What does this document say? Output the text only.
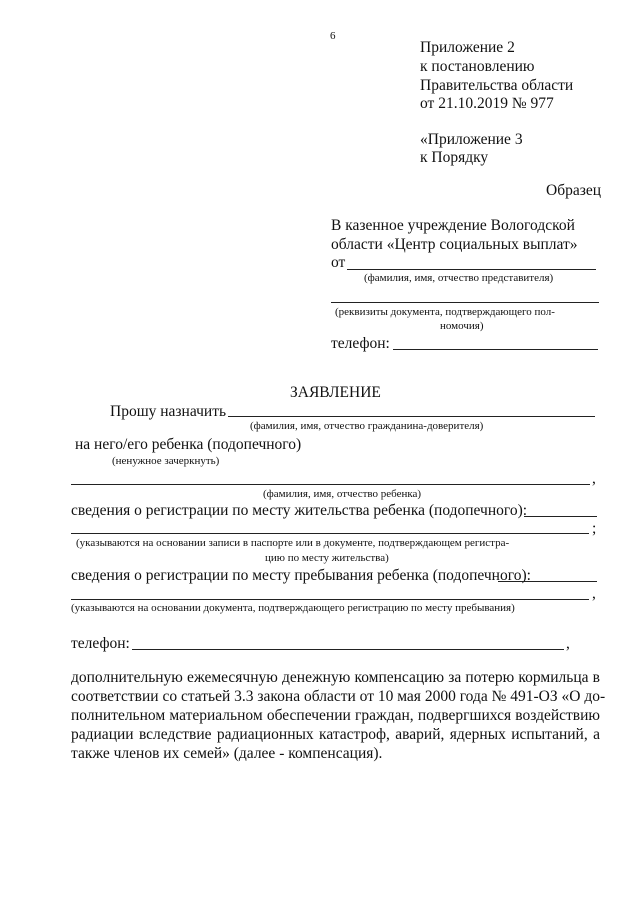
6
Приложение 2
к постановлению
Правительства области
от 21.10.2019 № 977
«Приложение 3
к Порядку
Образец
В казенное учреждение Вологодской
области «Центр социальных выплат»
от
(фамилия, имя, отчество представителя)
(реквизиты документа, подтверждающего пол-
номочия)
телефон:
ЗАЯВЛЕНИЕ
Прошу назначить
(фамилия, имя, отчество гражданина-доверителя)
на него/его ребенка (подопечного)
(ненужное зачеркнуть)
,
(фамилия, имя, отчество ребенка)
сведения о регистрации по месту жительства ребенка (подопечного):
;
(указываются на основании записи в паспорте или в документе, подтверждающем регистра-
цию по месту жительства)
сведения о регистрации по месту пребывания ребенка (подопечного):
,
(указываются на основании документа, подтверждающего регистрацию по месту пребывания)
телефон:	,
дополнительную ежемесячную денежную компенсацию за потерю кормильца в
соответствии со статьей 3.3 закона области от 10 мая 2000 года № 491-ОЗ «О до-
полнительном материальном обеспечении граждан, подвергшихся воздействию
радиации вследствие радиационных катастроф, аварий, ядерных испытаний, а
также членов их семей» (далее - компенсация).
